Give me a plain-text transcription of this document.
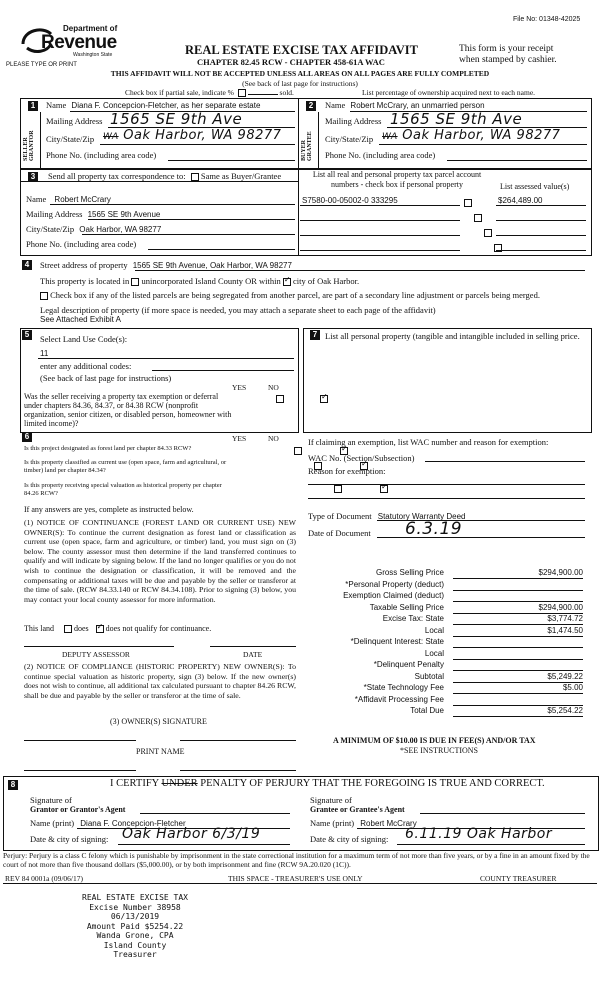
File No: 01348-42025
Department of
Revenue
Washington State
PLEASE TYPE OR PRINT
REAL ESTATE EXCISE TAX AFFIDAVIT
CHAPTER 82.45 RCW - CHAPTER 458-61A WAC
This form is your receipt
when stamped by cashier.
THIS AFFIDAVIT WILL NOT BE ACCEPTED UNLESS ALL AREAS ON ALL PAGES ARE FULLY COMPLETED
(See back of last page for instructions)
Check box if partial sale, indicate %	sold.	List percentage of ownership acquired next to each name.
1
SELLER GRANTOR
Name Diana F. Concepcion-Fletcher, as her separate estate
Mailing Address 1565 SE 9th Ave
City/State/Zip WA Oak Harbor, WA 98277
Phone No. (including area code)
2
BUYER GRANTEE
Name Robert McCrary, an unmarried person
Mailing Address 1565 SE 9th Ave
City/State/Zip WA Oak Harbor, WA 98277
Phone No. (including area code)
3	Send all property tax correspondence to: Same as Buyer/Grantee
Name Robert McCrary
Mailing Address 1565 SE 9th Avenue
City/State/Zip Oak Harbor, WA 98277
Phone No. (including area code)
List all real and personal property tax parcel account numbers - check box if personal property	List assessed value(s)
S7580-00-05002-0 333295	$264,489.00

4	Street address of property 1565 SE 9th Avenue, Oak Harbor, WA 98277
This property is located in unincorporated Island County OR within ✓ city of Oak Harbor.
Check box if any of the listed parcels are being segregated from another parcel, are part of a secondary line adjustment or parcels being merged.
Legal description of property (if more space is needed, you may attach a separate sheet to each page of the affidavit)
See Attached Exhibit A
5	Select Land Use Code(s):
11
enter any additional codes:
(See back of last page for instructions)
YES	NO
Was the seller receiving a property tax exemption or deferral under chapters 84.36, 84.37, or 84.38 RCW (nonprofit organization, senior citizen, or disabled person, homeowner with limited income)?
✓
6	YES	NO
Is this project designated as forest land per chapter 84.33 RCW?
✓
Is this property classified as current use (open space, farm and agricultural, or timber) land per chapter 84.34?
✓
Is this property receiving special valuation as historical property per chapter 84.26 RCW?
✓
If any answers are yes, complete as instructed below.
(1) NOTICE OF CONTINUANCE (FOREST LAND OR CURRENT USE) NEW OWNER(S): To continue the current designation as forest land or classification as current use (open space, farm and agriculture, or timber) land, you must sign on (3) below. The county assessor must then determine if the land transferred continues to qualify and will indicate by signing below. If the land no longer qualifies or you do not wish to continue the designation or classification, it will be removed and the compensating or additional taxes will be due and payable by the seller or transferor at the time of sale. (RCW 84.33.140 or RCW 84.34.108). Prior to signing (3) below, you may contact your local county assessor for more information.
This land	does ✓ does not qualify for continuance.
DEPUTY ASSESSOR	DATE
(2) NOTICE OF COMPLIANCE (HISTORIC PROPERTY) NEW OWNER(S): To continue special valuation as historic property, sign (3) below. If the new owner(s) does not wish to continue, all additional tax calculated pursuant to chapter 84.26 RCW, shall be due and payable by the seller or transferor at the time of sale.
(3) OWNER(S) SIGNATURE
PRINT NAME
7 List all personal property (tangible and intangible included in selling price.
If claiming an exemption, list WAC number and reason for exemption:
WAC No. (Section/Subsection)
Reason for exemption:
Type of Document Statutory Warranty Deed
Date of Document 6.3.19
Gross Selling Price	$294,900.00
*Personal Property (deduct)
Exemption Claimed (deduct)
Taxable Selling Price	$294,900.00
Excise Tax: State	$3,774.72
Local	$1,474.50
*Delinquent Interest: State
Local
*Delinquent Penalty
Subtotal	$5,249.22
*State Technology Fee	$5.00
*Affidavit Processing Fee
Total Due	$5,254.22
A MINIMUM OF $10.00 IS DUE IN FEE(S) AND/OR TAX
*SEE INSTRUCTIONS
8	I CERTIFY UNDER PENALTY OF PERJURY THAT THE FOREGOING IS TRUE AND CORRECT.
Signature of
Grantor or Grantor's Agent
Signature of
Grantee or Grantee's Agent
Name (print) Diana F. Concepcion-Fletcher	Name (print) Robert McCrary
Date & city of signing: Oak Harbor 6/3/19	Date & city of signing: 6.11.19 Oak Harbor
Perjury: Perjury is a class C felony which is punishable by imprisonment in the state correctional institution for a maximum term of not more than five years, or by a fine in an amount fixed by the court of not more than five thousand dollars ($5,000.00), or by both imprisonment and fine (RCW 9A.20.020 (1C)).
REV 84 0001a (09/06/17)	THIS SPACE - TREASURER'S USE ONLY	COUNTY TREASURER
REAL ESTATE EXCISE TAX
Excise Number 38958
06/13/2019
Amount Paid $5254.22
Wanda Grone, CPA
Island County Treasurer
